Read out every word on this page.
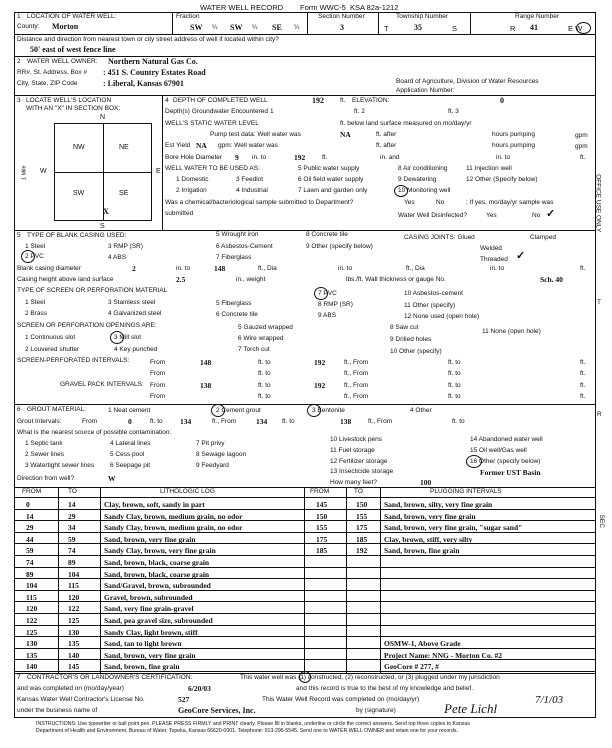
WATER WELL RECORD Form WWC-5 KSA 82a-1212
1 LOCATION OF WATER WELL:
County: Morton
Fraction
SW ¼ SW ¼ SE ¼
Section Number
3
Township Number
T	35	S
Range Number
R 41	E W
Distance and direction from nearest town or city street address of well if located within city?
50' east of west fence line
2 WATER WELL OWNER: Northern Natural Gas Co.
RR#, St. Address, Box # : 451 S. Country Estates Road
City, State, ZIP Code	: Liberal, Kansas 67901	Board of Agriculture, Division of Water Resources
Application Number:
3 LOCATE WELL'S LOCATION
WITH AN "X" IN SECTION BOX:
NW	NE
SW	SE
X
N
S
W	E
1 Mile
4 DEPTH OF COMPLETED WELL	192 ft. ELEVATION:	0
Depth(s) Groundwater Encountered 1	ft. 2	ft. 3
WELL'S STATIC WATER LEVEL	ft. below land surface measured on mo/day/yr
Pump test data: Well water was	NA	ft. after	hours pumping	gpm
Est Yield NA gpm: Well water was	ft. after	hours pumping	gpm
Bore Hole Diameter 9 in. to	192	ft.	in. and	in. to	ft.
WELL WATER TO BE USED AS:	5 Public water supply	8 Air conditioning	11 Injection well
1 Domestic	3 Feedlot	6 Oil field water supply	9 Dewatering	12 Other (Specify below)
2 Irrigation	4 Industrial	7 Lawn and garden only	10 Monitoring well
Was a chemical/bacteriological sample submitted to Department?	Yes	No	; If yes, mo/day/yr sample was
submitted	Water Well Disinfected?	Yes	No ✓
5 TYPE OF BLANK CASING USED:	5 Wrought iron	8 Concrete tile	CASING JOINTS: Glued	Clamped
1 Steel	3 RMP (SR)	6 Asbestos-Cement	9 Other (specify below)	Welded
2 PVC	4 ABS	7 Fiberglass	Threaded ✓
Blank casing diameter	2	in. to	148	ft., Dia	in. to	ft., Dia	in. to	ft.
Casing height above land surface	2.5	in., weight	lbs./ft. Wall thickness or gauge No.	Sch. 40
TYPE OF SCREEN OR PERFORATION MATERIAL	7 PVC	10 Asbestos-cement
1 Steel	3 Stainless steel	5 Fiberglass	8 RMP (SR)	11 Other (specify)
2 Brass	4 Galvanized steel	6 Concrete tile	9 ABS	12 None used (open hole)
SCREEN OR PERFORATION OPENINGS ARE:	5 Gauzed wrapped	8 Saw cut
11 None (open hole)
1 Continuous slot	3 Mill slot	6 Wire wrapped	9 Drilled holes
2 Louvered shutter	4 Key punched	7 Torch cut	10 Other (specify)
SCREEN-PERFORATED INTERVALS:	From	148	ft. to	192	ft., From	ft. to	ft.
From	ft. to	ft., From	ft. to	ft.
GRAVEL PACK INTERVALS: From	138	ft. to	192	ft., From	ft. to	ft.
From	ft. to	ft., From	ft. to	ft.
6 GROUT MATERIAL:	1 Neat cement	2 Cement grout	3 Bentonite	4 Other
Grout Intervals:	From	0	ft. to 134	ft., From	134 ft. to	138	ft., From	ft. to
What is the nearest source of possible contamination:
1 Septic tank	4 Lateral lines	7 Pit privy
10 Livestock pens	14 Abandoned water well
2 Sewer lines	5 Cess pool	8 Sewage lagoon
11 Fuel storage	15 Oil well/Gas well
3 Watertight sewer lines 6 Seepage pit	9 Feedyard
12 Fertilizer storage	16 Other (specify below)
13 Insecticide storage	Former UST Basin
Direction from well?	W	How many feet?	100
FROM	TO	LITHOLOGIC LOG	FROM	TO	PLUGGING INTERVALS
0	14	Clay, brown, soft, sandy in part	145	150 Sand, brown, silty, very fine grain
14	29	Sandy Clay, brown, medium grain, no odor	150	155 Sand, brown, very fine grain
29	34	Sandy Clay, brown, medium grain, no odor	155	175 Sand, brown, very fine grain, "sugar sand"
44	59	Sand, brown, very fine grain	175	185 Clay, brown, stiff, very silty
59	74	Sandy Clay, brown, very fine grain	185	192 Sand, brown, fine grain
74	89	Sand, brown, black, coarse grain
89	104	Sand, brown, black, coarse grain
104	115	Sand/Gravel, brown, subrounded
115	120	Gravel, brown, subrounded
120	122	Sand, very fine grain-gravel
122	125	Sand, pea gravel size, subrounded
125	130	Sandy Clay, light brown, stiff
130	135	Sand, tan to light brown	OSMW-1, Above Grade
135	140	Sand, brown, very fine grain	Project Name: NNG - Morton Co. #2
140	145	Sand, brown, fine grain	GeoCore # 277, #
7 CONTRACTOR'S OR LANDOWNER'S CERTIFICATION:	This water well was (1) constructed, (2) reconstructed, or (3) plugged under my jurisdiction
and was completed on (mo/day/year)	6/20/03	and this record is true to the best of my knowledge and belief.
Kansas Water Well Contractor's License No.	527	This Water Well Record was completed on (mo/day/yr)	7/1/03
under the business name of	GeoCore Services, Inc.	by (signature)	Pete Lichl
INSTRUCTIONS: Use typewriter or ball point pen. PLEASE PRESS FIRMLY and PRINT clearly. Please fill in blanks, underline or circle the correct answers. Send top three copies to Kansas
Department of Health and Environment, Bureau of Water, Topeka, Kansas 66620-0001. Telephone: 913-296-5545. Send one to WATER WELL OWNER and retain one for your records.
OFFICE USE ONLY
T
R
SEC
